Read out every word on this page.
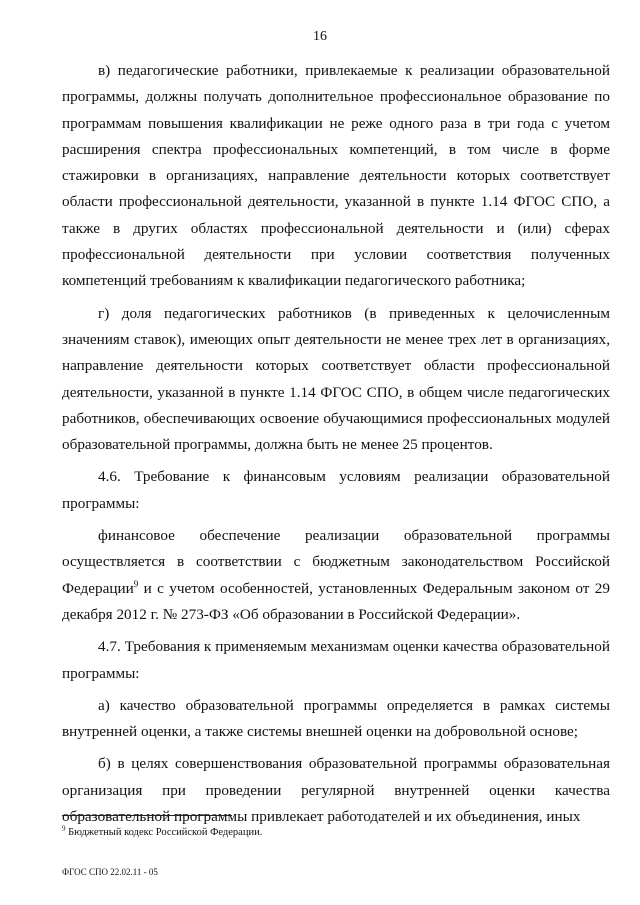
16

в) педагогические работники, привлекаемые к реализации образовательной программы, должны получать дополнительное профессиональное образование по программам повышения квалификации не реже одного раза в три года с учетом расширения спектра профессиональных компетенций, в том числе в форме стажировки в организациях, направление деятельности которых соответствует области профессиональной деятельности, указанной в пункте 1.14 ФГОС СПО, а также в других областях профессиональной деятельности и (или) сферах профессиональной деятельности при условии соответствия полученных компетенций требованиям к квалификации педагогического работника;

г) доля педагогических работников (в приведенных к целочисленным значениям ставок), имеющих опыт деятельности не менее трех лет в организациях, направление деятельности которых соответствует области профессиональной деятельности, указанной в пункте 1.14 ФГОС СПО, в общем числе педагогических работников, обеспечивающих освоение обучающимися профессиональных модулей образовательной программы, должна быть не менее 25 процентов.

4.6. Требование к финансовым условиям реализации образовательной программы:

финансовое обеспечение реализации образовательной программы осуществляется в соответствии с бюджетным законодательством Российской Федерации$^9$ и с учетом особенностей, установленных Федеральным законом от 29 декабря 2012 г. № 273-ФЗ «Об образовании в Российской Федерации».

4.7. Требования к применяемым механизмам оценки качества образовательной программы:

а) качество образовательной программы определяется в рамках системы внутренней оценки, а также системы внешней оценки на добровольной основе;

б) в целях совершенствования образовательной программы образовательная организация при проведении регулярной внутренней оценки качества образовательной программы привлекает работодателей и их объединения, иных

$^9$ Бюджетный кодекс Российской Федерации.
ФГОС СПО 22.02.11 - 05
